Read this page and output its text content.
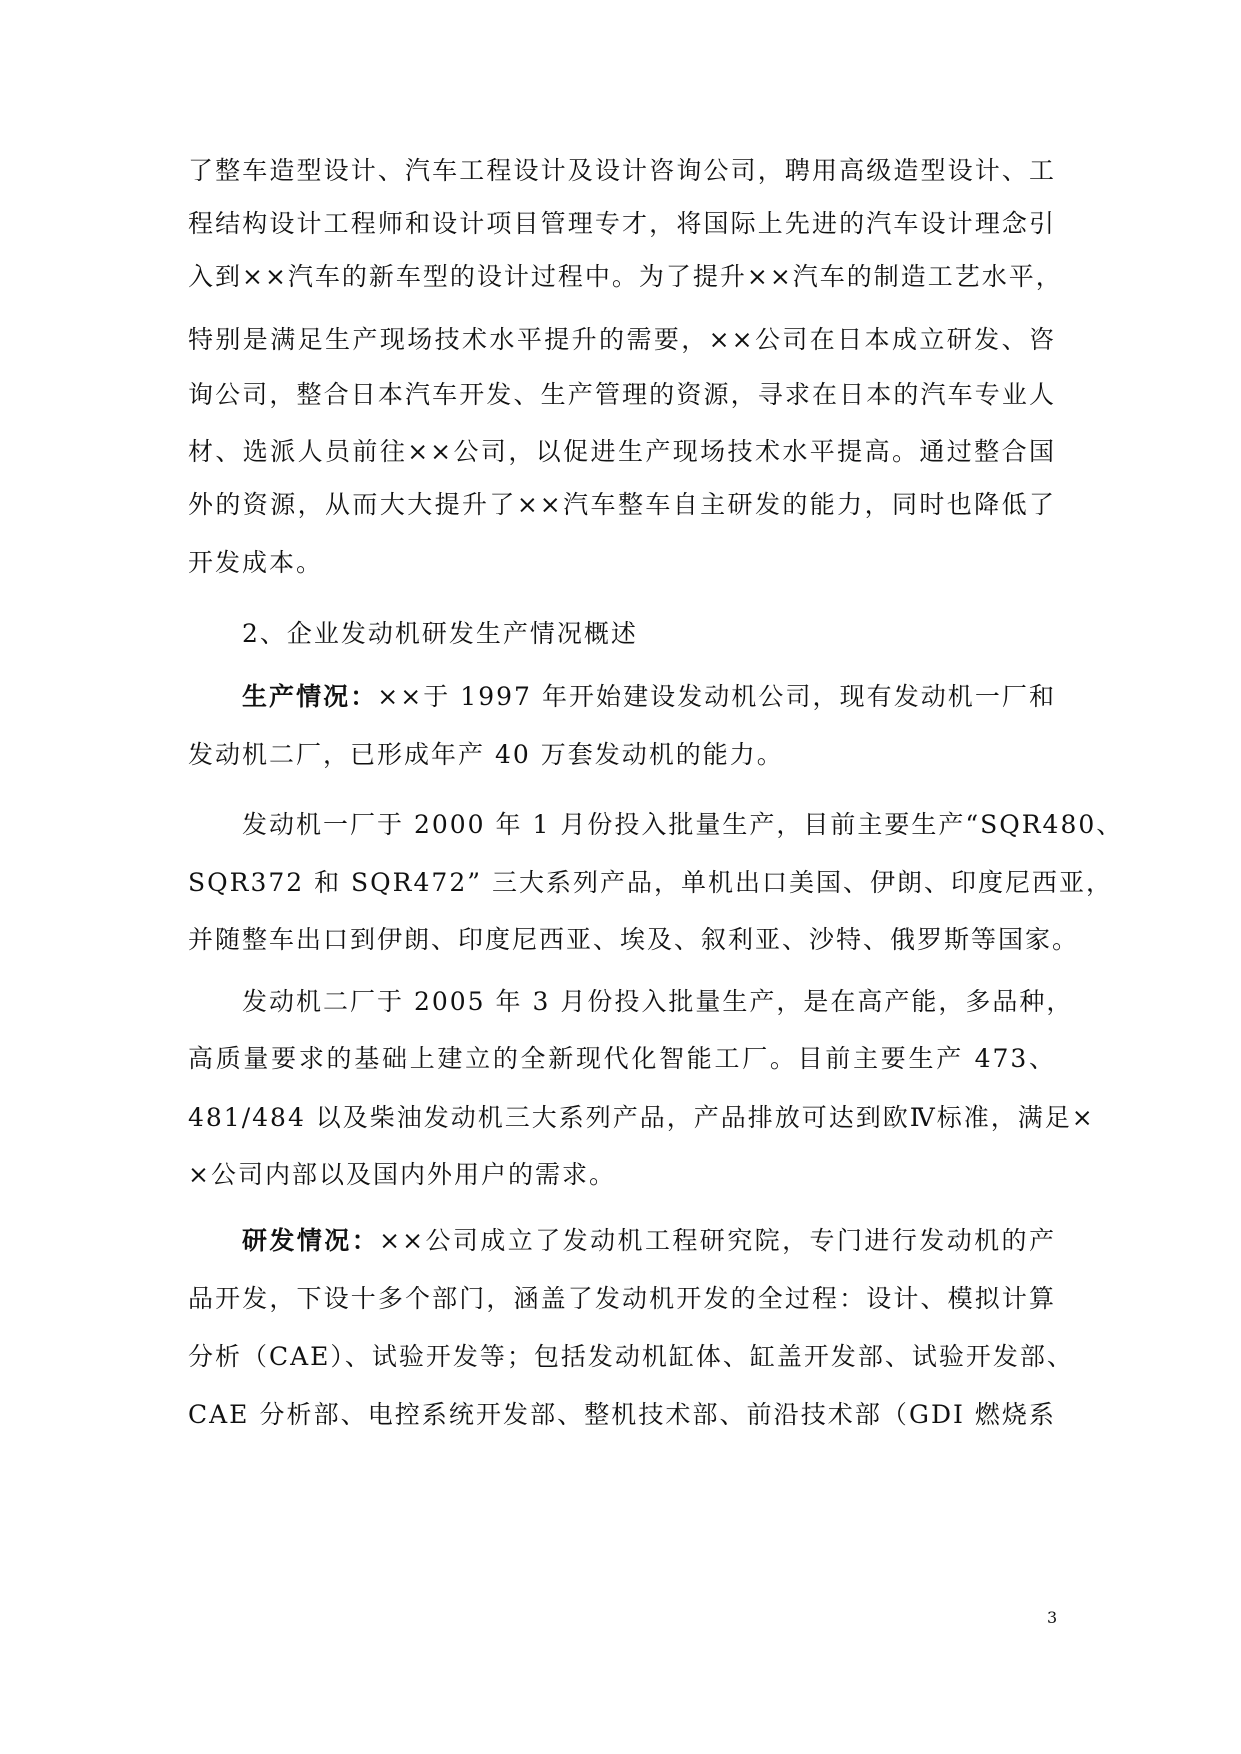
了整车造型设计、汽车工程设计及设计咨询公司，聘用高级造型设计、工
程结构设计工程师和设计项目管理专才，将国际上先进的汽车设计理念引
入到××汽车的新车型的设计过程中。为了提升××汽车的制造工艺水平，
特别是满足生产现场技术水平提升的需要，××公司在日本成立研发、咨
询公司，整合日本汽车开发、生产管理的资源，寻求在日本的汽车专业人
材、选派人员前往××公司，以促进生产现场技术水平提高。通过整合国
外的资源，从而大大提升了××汽车整车自主研发的能力，同时也降低了
开发成本。
2、企业发动机研发生产情况概述
生产情况：××于 1997 年开始建设发动机公司，现有发动机一厂和
发动机二厂，已形成年产 40 万套发动机的能力。
发动机一厂于 2000 年 1 月份投入批量生产，目前主要生产“SQR480、
SQR372 和 SQR472” 三大系列产品，单机出口美国、伊朗、印度尼西亚，
并随整车出口到伊朗、印度尼西亚、埃及、叙利亚、沙特、俄罗斯等国家。
发动机二厂于 2005 年 3 月份投入批量生产，是在高产能，多品种，
高质量要求的基础上建立的全新现代化智能工厂。目前主要生产 473、
481/484 以及柴油发动机三大系列产品，产品排放可达到欧Ⅳ标准，满足×
×公司内部以及国内外用户的需求。
研发情况：××公司成立了发动机工程研究院，专门进行发动机的产
品开发，下设十多个部门，涵盖了发动机开发的全过程：设计、模拟计算
分析（CAE）、试验开发等；包括发动机缸体、缸盖开发部、试验开发部、
CAE 分析部、电控系统开发部、整机技术部、前沿技术部（GDI 燃烧系
3
